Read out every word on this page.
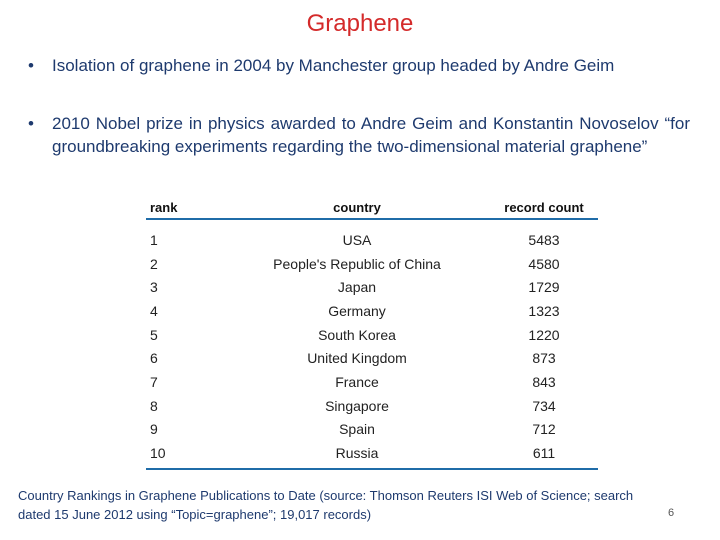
Graphene
• Isolation of graphene in 2004 by Manchester group headed by Andre Geim
• 2010 Nobel prize in physics awarded to Andre Geim and Konstantin Novoselov “for groundbreaking experiments regarding the two-dimensional material graphene”
rank	country	record count
1	USA	5483
2	People's Republic of China	4580
3	Japan	1729
4	Germany	1323
5	South Korea	1220
6	United Kingdom	873
7	France	843
8	Singapore	734
9	Spain	712
10	Russia	611
Country Rankings in Graphene Publications to Date (source: Thomson Reuters ISI Web of Science; search dated 15 June 2012 using “Topic=graphene”; 19,017 records)	6
